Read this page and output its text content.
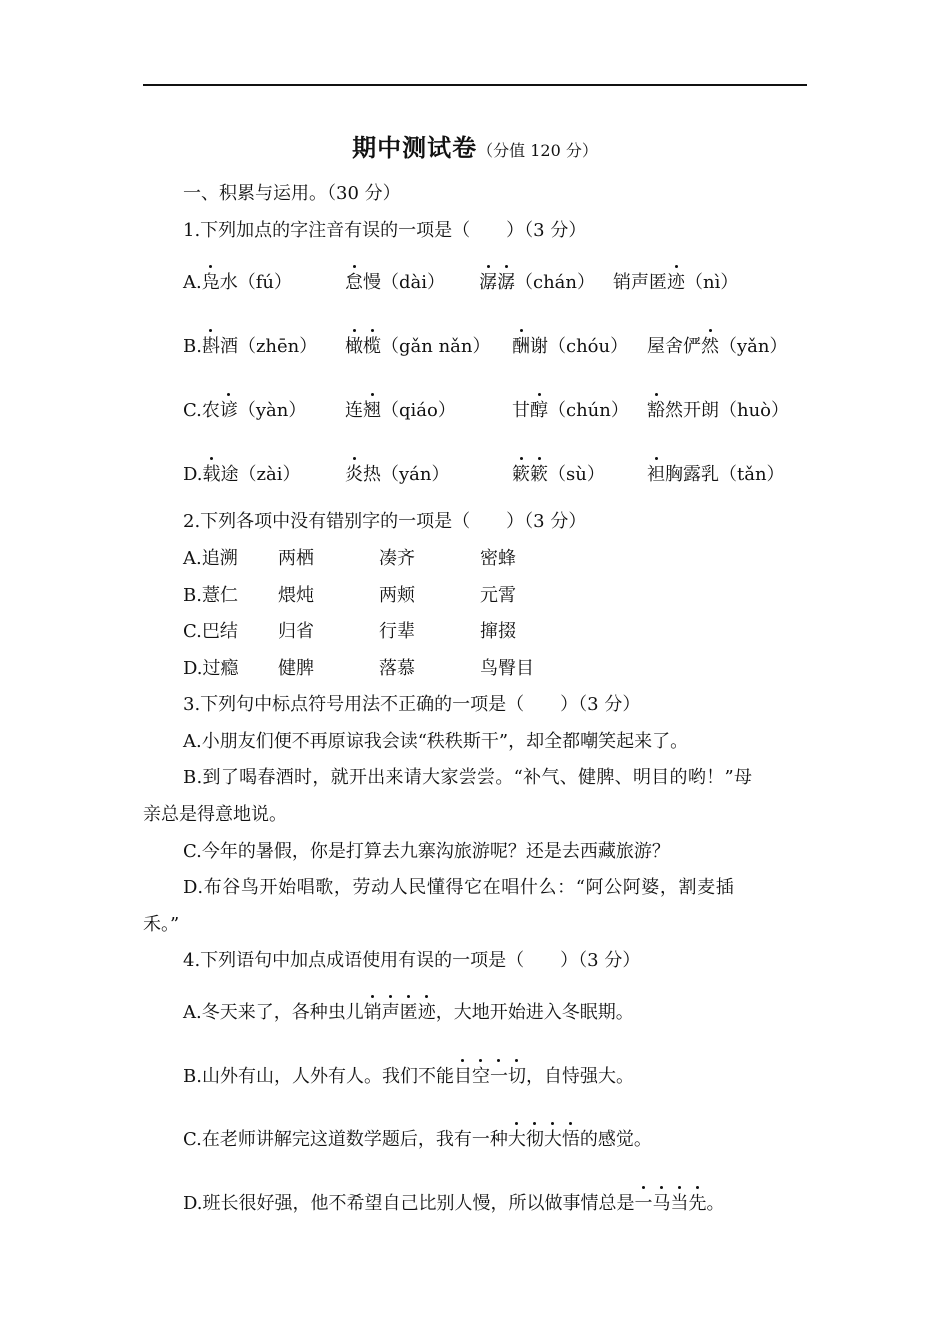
期中测试卷（分值 120 分）
一、积累与运用。（30 分）
1.下列加点的字注音有误的一项是（　　）（3 分）
A.凫水（fú）	怠慢（dài） 潺潺（chán） 销声匿迹（nì）
B.斟酒（zhēn） 橄榄（gǎn nǎn） 酬谢（chóu） 屋舍俨然（yǎn）
C.农谚（yàn） 连翘（qiáo）	甘醇（chún） 豁然开朗（huò）
D.载途（zài） 炎热（yán）	簌簌（sù） 袒胸露乳（tǎn）
2.下列各项中没有错别字的一项是（　　）（3 分）
A.追溯 两栖	凑齐	密蜂
B.薏仁 煨炖	两颊	元霄
C.巴结 归省	行辈	撺掇
D.过瘾 健脾	落慕	鸟臀目
3.下列句中标点符号用法不正确的一项是（　　）（3 分）
A.小朋友们便不再原谅我会读“秩秩斯干”，却全都嘲笑起来了。
B.到了喝春酒时，就开出来请大家尝尝。“补气、健脾、明目的哟！”母
亲总是得意地说。
C.今年的暑假，你是打算去九寨沟旅游呢？还是去西藏旅游？
D.布谷鸟开始唱歌，劳动人民懂得它在唱什么：“阿公阿婆，割麦插
禾。”
4.下列语句中加点成语使用有误的一项是（　　）（3 分）
A.冬天来了，各种虫儿销声匿迹，大地开始进入冬眠期。
B.山外有山，人外有人。我们不能目空一切，自恃强大。
C.在老师讲解完这道数学题后，我有一种大彻大悟的感觉。
D.班长很好强，他不希望自己比别人慢，所以做事情总是一马当先。
